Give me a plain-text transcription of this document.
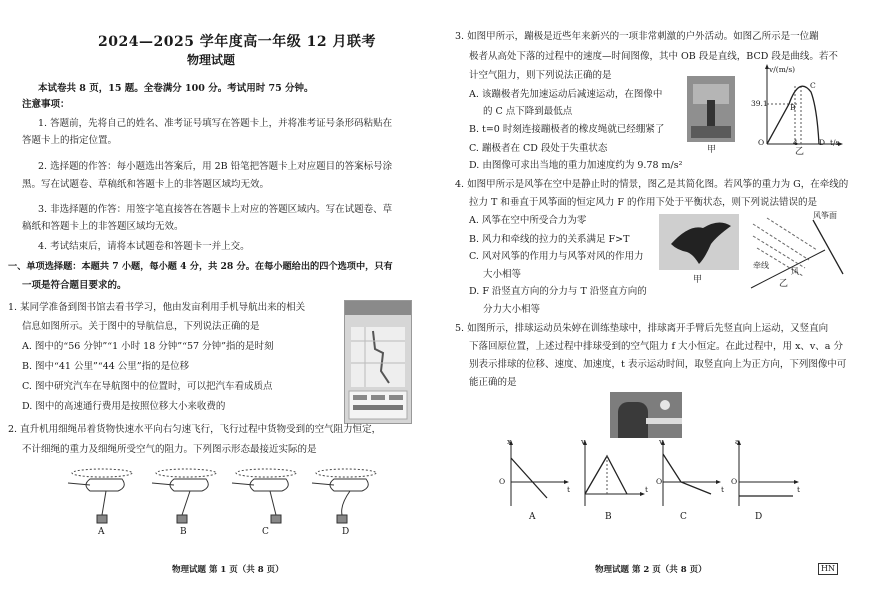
2024—2025 学年度高一年级 12 月联考
物理试题
本试卷共 8 页，15 题。全卷满分 100 分。考试用时 75 分钟。
注意事项：
1. 答题前，先将自己的姓名、准考证号填写在答题卡上，并将准考证号条形码粘贴在
答题卡上的指定位置。
2. 选择题的作答：每小题选出答案后，用 2B 铅笔把答题卡上对应题目的答案标号涂
黑。写在试题卷、草稿纸和答题卡上的非答题区域均无效。
3. 非选择题的作答：用签字笔直接答在答题卡上对应的答题区域内。写在试题卷、草
稿纸和答题卡上的非答题区域均无效。
4. 考试结束后，请将本试题卷和答题卡一并上交。
一、单项选择题：本题共 7 小题，每小题 4 分，共 28 分。在每小题给出的四个选项中，只有
一项是符合题目要求的。
1. 某同学准备到图书馆去看书学习，他由发亩利用手机导航出来的相关
信息如图所示。关于图中的导航信息，下列说法正确的是
A. 图中的“56 分钟”“1 小时 18 分钟”“57 分钟”指的是时刻
B. 图中“41 公里”“44 公里”指的是位移
C. 图中研究汽车在导航图中的位置时，可以把汽车看成质点
D. 图中的高速通行费用是按照位移大小来收费的
2. 直升机用细绳吊着货物快速水平向右匀速飞行，飞行过程中货物受到的空气阻力恒定，
不计细绳的重力及细绳所受空气的阻力。下列图示形态最接近实际的是
A	B	C	D
物理试题 第 1 页（共 8 页）
3. 如图甲所示，蹦极是近些年来新兴的一项非常刺激的户外活动。如图乙所示是一位蹦
极者从高处下落的过程中的速度—时间图像，其中 OB 段是直线，BCD 段是曲线。若不
计空气阻力，则下列说法正确的是
A. 该蹦极者先加速运动后减速运动，在图像中
的 C 点下降到最低点
B. t=0 时刻连接蹦极者的橡皮绳就已经绷紧了
C. 蹦极者在 CD 段处于失重状态
D. 由图像可求出当地的重力加速度约为 9.78 m/s²
甲
v/(m/s)
39.1	B
C
D
O	4	t/s
乙
4. 如图甲所示是风筝在空中是静止时的情景，图乙是其简化图。若风筝的重力为 G，在牵线的
拉力 T 和垂直于风筝面的恒定风力 F 的作用下处于平衡状态，则下列说法错误的是
A. 风筝在空中所受合力为零
B. 风力和牵线的拉力的关系满足 F>T
C. 风对风筝的作用力与风筝对风的作用力
大小相等
D. F 沿竖直方向的分力与 T 沿竖直方向的
分力大小相等
甲
风筝面
牵线
风
乙
5. 如图所示，排球运动员朱婷在训练垫球中，排球离开手臂后先竖直向上运动，又竖直向
下落回原位置，上述过程中排球受到的空气阻力 f 大小恒定。在此过程中，用 x、v、a 分
别表示排球的位移、速度、加速度，t 表示运动时间，取竖直向上为正方向，下列图像中可
能正确的是
x	v	v	a
O	O	O
t	t	t	t
A	B	C	D
物理试题 第 2 页（共 8 页）	HN
